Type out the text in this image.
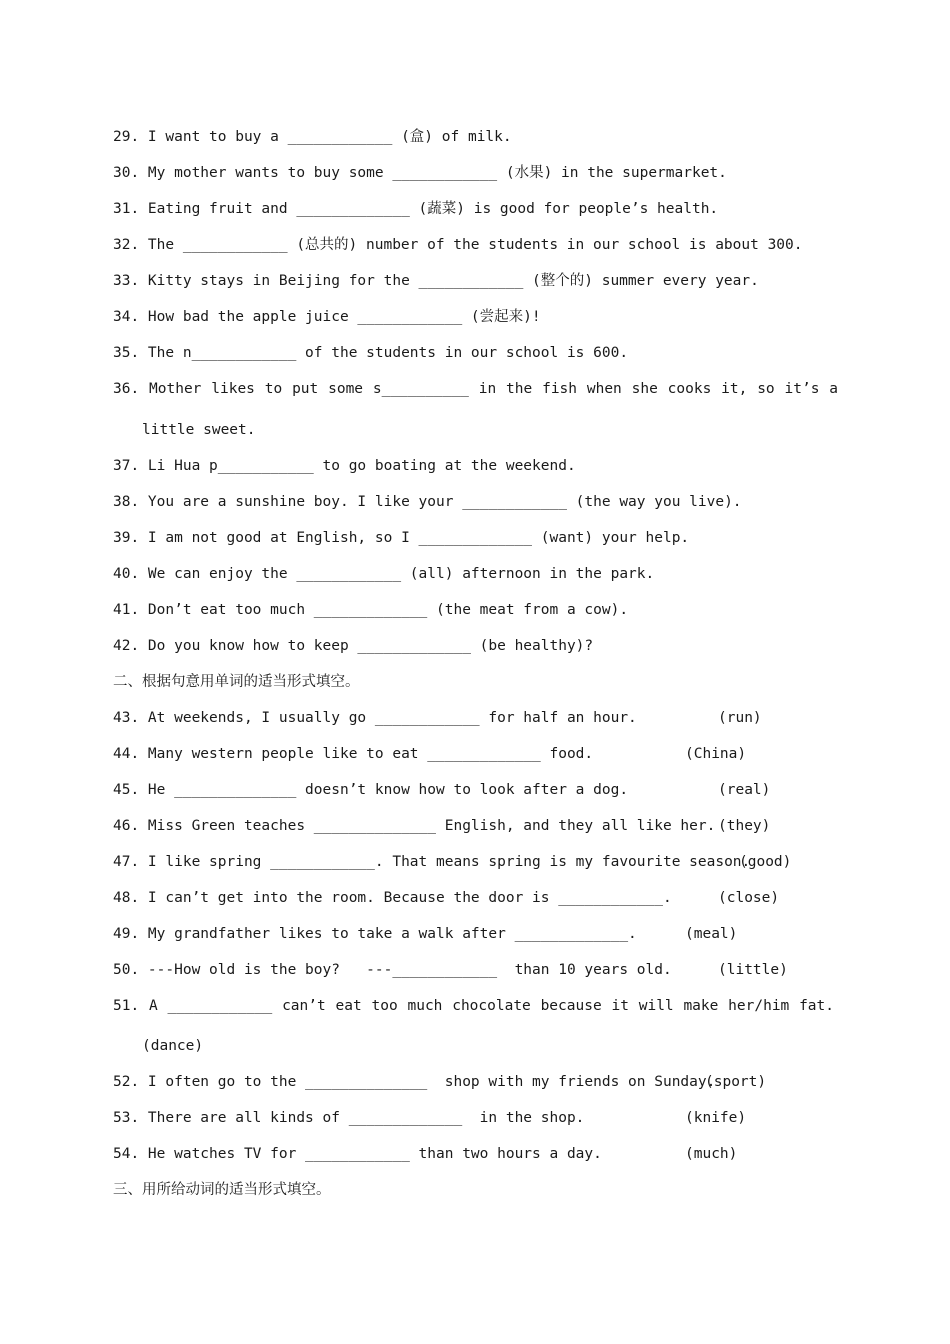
29. I want to buy a ____________ (盒) of milk.
30. My mother wants to buy some ____________ (水果) in the supermarket.
31. Eating fruit and _____________ (蔬菜) is good for people’s health.
32. The ____________ (总共的) number of the students in our school is about 300.
33. Kitty stays in Beijing for the ____________ (整个的) summer every year.
34. How bad the apple juice ____________ (尝起来)!
35. The n____________ of the students in our school is 600.
36. Mother likes to put some s__________ in the fish when she cooks it, so it’s a
little sweet.
37. Li Hua p___________ to go boating at the weekend.
38. You are a sunshine boy. I like your ____________ (the way you live).
39. I am not good at English, so I _____________ (want) your help.
40. We can enjoy the ____________ (all) afternoon in the park.
41. Don’t eat too much _____________ (the meat from a cow).
42. Do you know how to keep _____________ (be healthy)?
二、根据句意用单词的适当形式填空。
43. At weekends, I usually go ____________ for half an hour.	(run)
44. Many western people like to eat _____________ food.	(China)
45. He ______________ doesn’t know how to look after a dog.	(real)
46. Miss Green teaches ______________ English, and they all like her. (they)
47. I like spring ____________. That means spring is my favourite season.
(good)
48. I can’t get into the room. Because the door is ____________.	(close)
49. My grandfather likes to take a walk after _____________.	(meal)
50. ---How old is the boy?   ---____________  than 10 years old.	(little)
51. A ____________ can’t eat too much chocolate because it will make her/him fat.
(dance)
52. I often go to the ______________  shop with my friends on Sunday.
(sport)
53. There are all kinds of _____________  in the shop.	(knife)
54. He watches TV for ____________ than two hours a day.	(much)
三、用所给动词的适当形式填空。
